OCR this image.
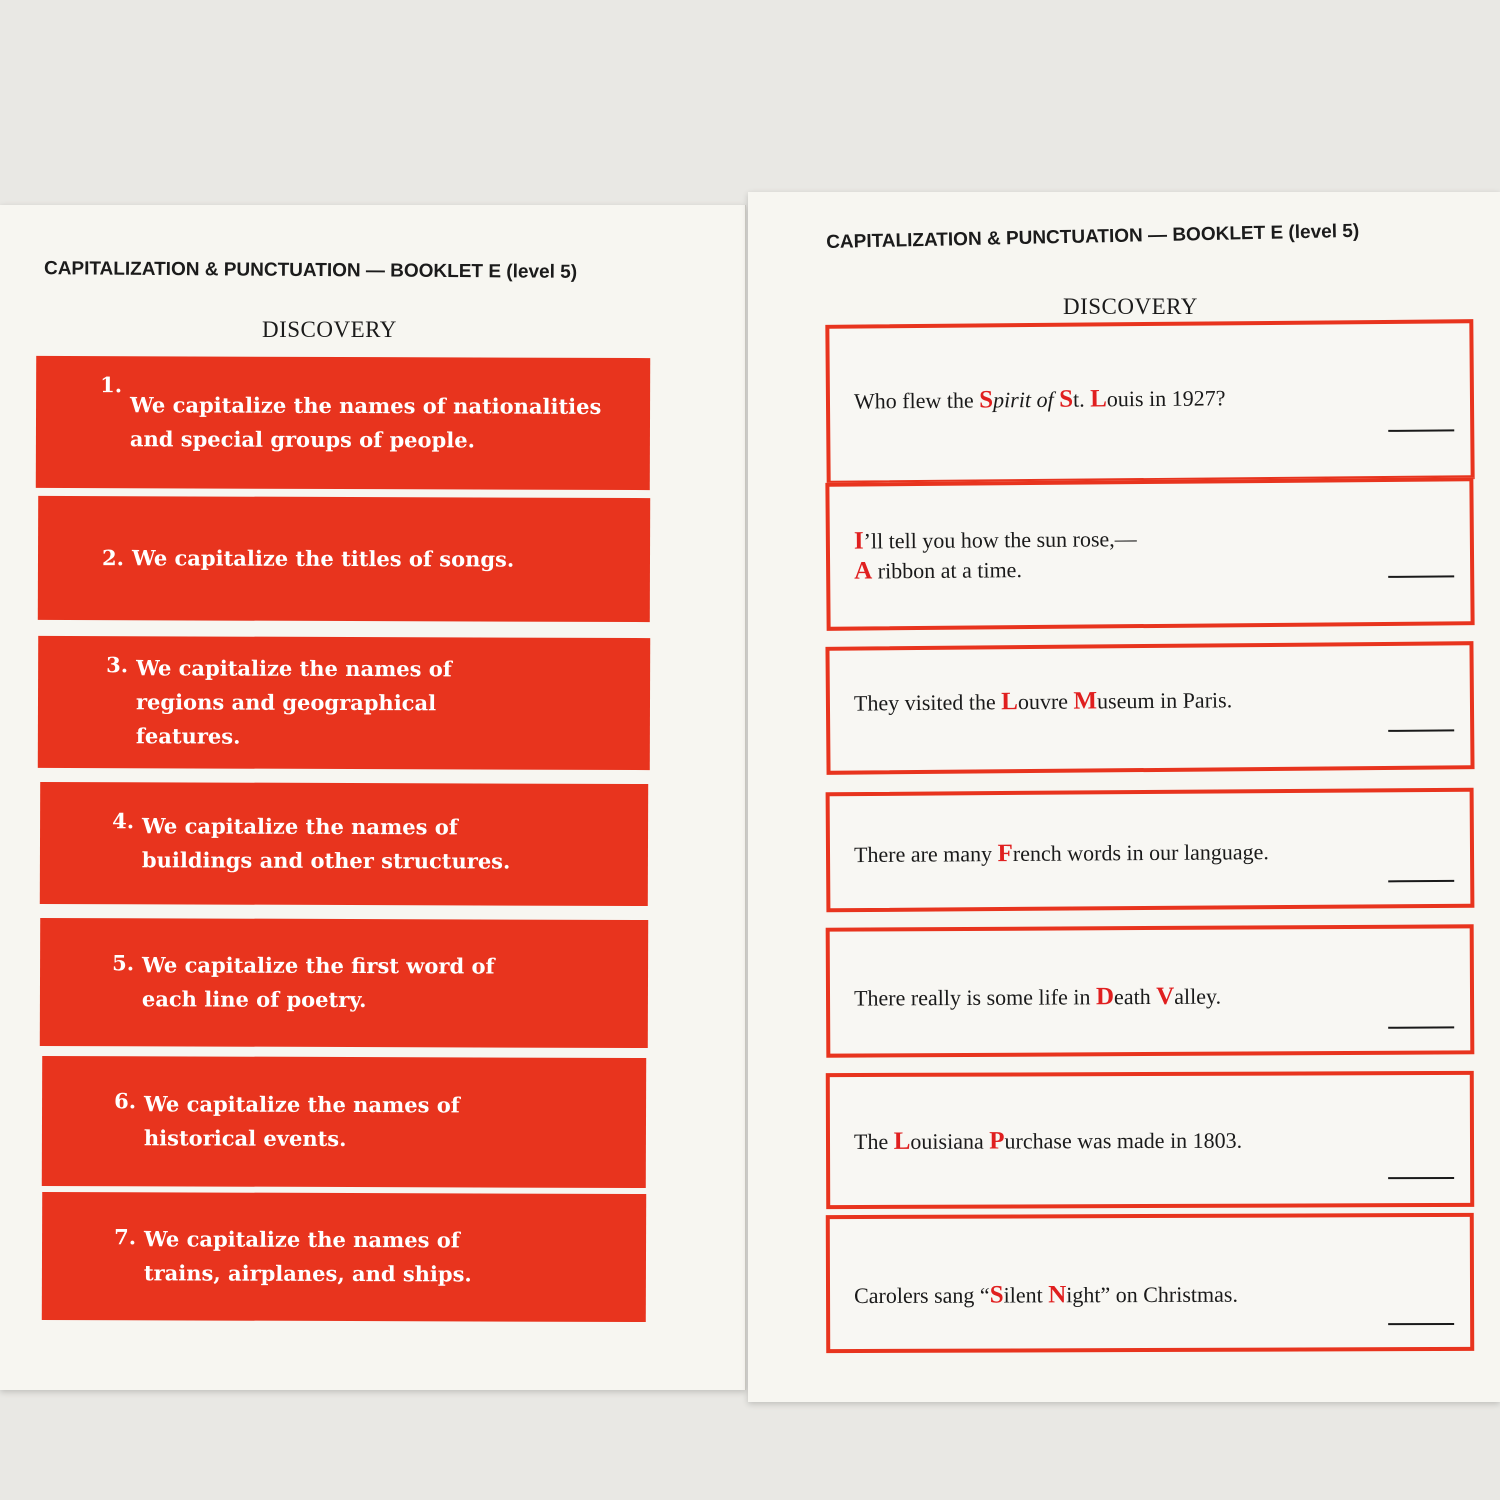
CAPITALIZATION & PUNCTUATION — BOOKLET E (level 5)
DISCOVERY
1.
We capitalize the names of nationalities and special groups of people.
2. We capitalize the titles of songs.
3. We capitalize the names of regions and geographical features.
4. We capitalize the names of buildings and other structures.
5. We capitalize the first word of each line of poetry.
6. We capitalize the names of historical events.
7. We capitalize the names of trains, airplanes, and ships.
CAPITALIZATION & PUNCTUATION — BOOKLET E (level 5)
DISCOVERY
Who flew the Spirit of St. Louis in 1927?
I’ll tell you how the sun rose,—
A ribbon at a time.
They visited the Louvre Museum in Paris.
There are many French words in our language.
There really is some life in Death Valley.
The Louisiana Purchase was made in 1803.
Carolers sang “Silent Night” on Christmas.
